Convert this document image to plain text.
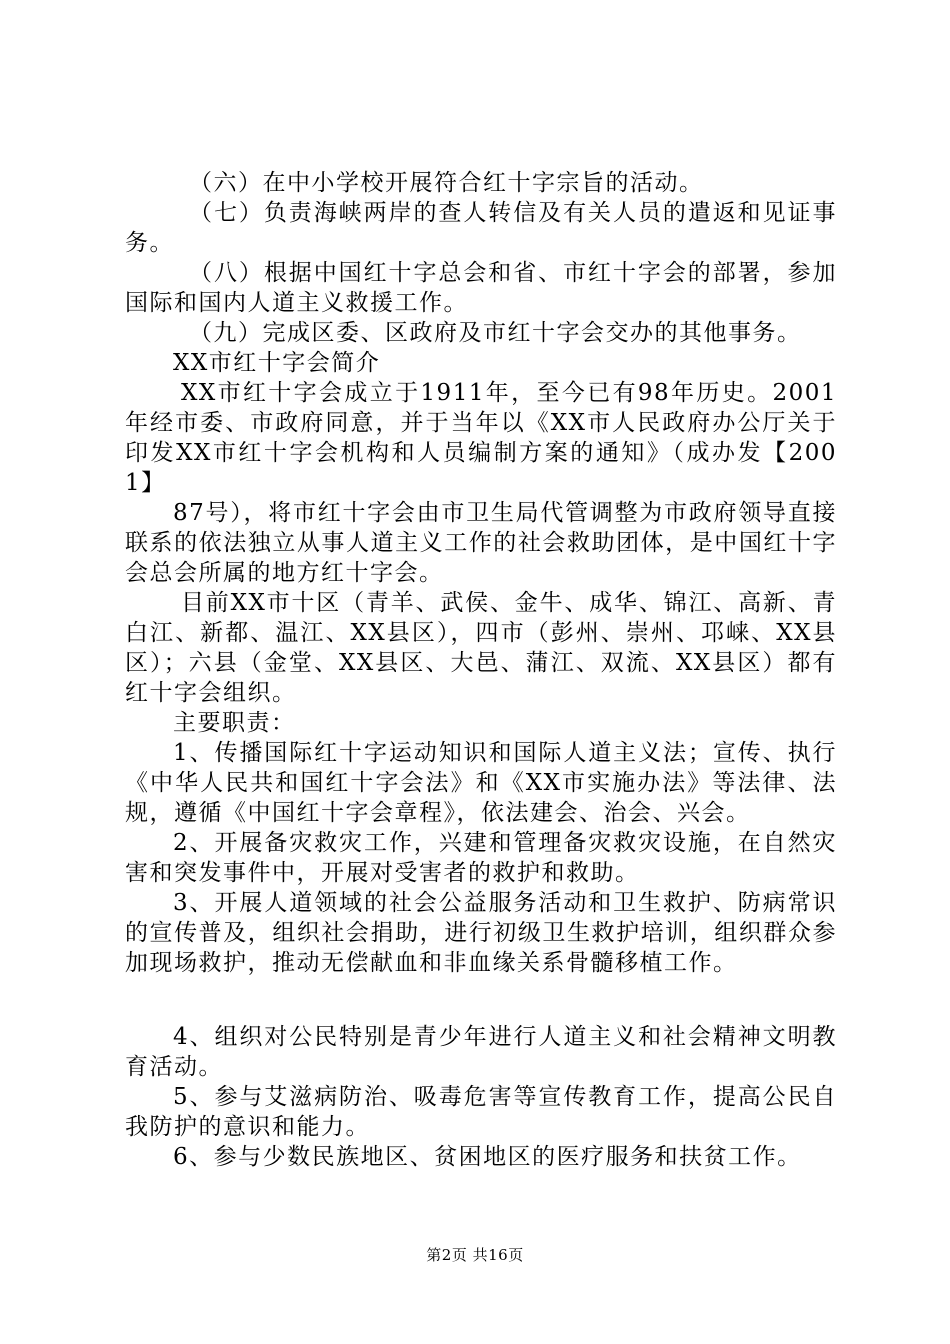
（六）在中小学校开展符合红十字宗旨的活动。

（七）负责海峡两岸的查人转信及有关人员的遣返和见证事务。

（八）根据中国红十字总会和省、市红十字会的部署，参加国际和国内人道主义救援工作。

（九）完成区委、区政府及市红十字会交办的其他事务。

XX市红十字会简介

XX市红十字会成立于1911年，至今已有98年历史。2001年经市委、市政府同意，并于当年以《XX市人民政府办公厅关于印发XX市红十字会机构和人员编制方案的通知》（成办发【2001】

87号），将市红十字会由市卫生局代管调整为市政府领导直接联系的依法独立从事人道主义工作的社会救助团体，是中国红十字会总会所属的地方红十字会。

目前XX市十区（青羊、武侯、金牛、成华、锦江、高新、青白江、新都、温江、XX县区），四市（彭州、崇州、邛崃、XX县区）；六县（金堂、XX县区、大邑、蒲江、双流、XX县区）都有红十字会组织。

主要职责：

1、传播国际红十字运动知识和国际人道主义法；宣传、执行《中华人民共和国红十字会法》和《XX市实施办法》等法律、法规，遵循《中国红十字会章程》，依法建会、治会、兴会。

2、开展备灾救灾工作，兴建和管理备灾救灾设施，在自然灾害和突发事件中，开展对受害者的救护和救助。

3、开展人道领域的社会公益服务活动和卫生救护、防病常识的宣传普及，组织社会捐助，进行初级卫生救护培训，组织群众参加现场救护，推动无偿献血和非血缘关系骨髓移植工作。

4、组织对公民特别是青少年进行人道主义和社会精神文明教育活动。

5、参与艾滋病防治、吸毒危害等宣传教育工作，提高公民自我防护的意识和能力。

6、参与少数民族地区、贫困地区的医疗服务和扶贫工作。

第2页 共16页
